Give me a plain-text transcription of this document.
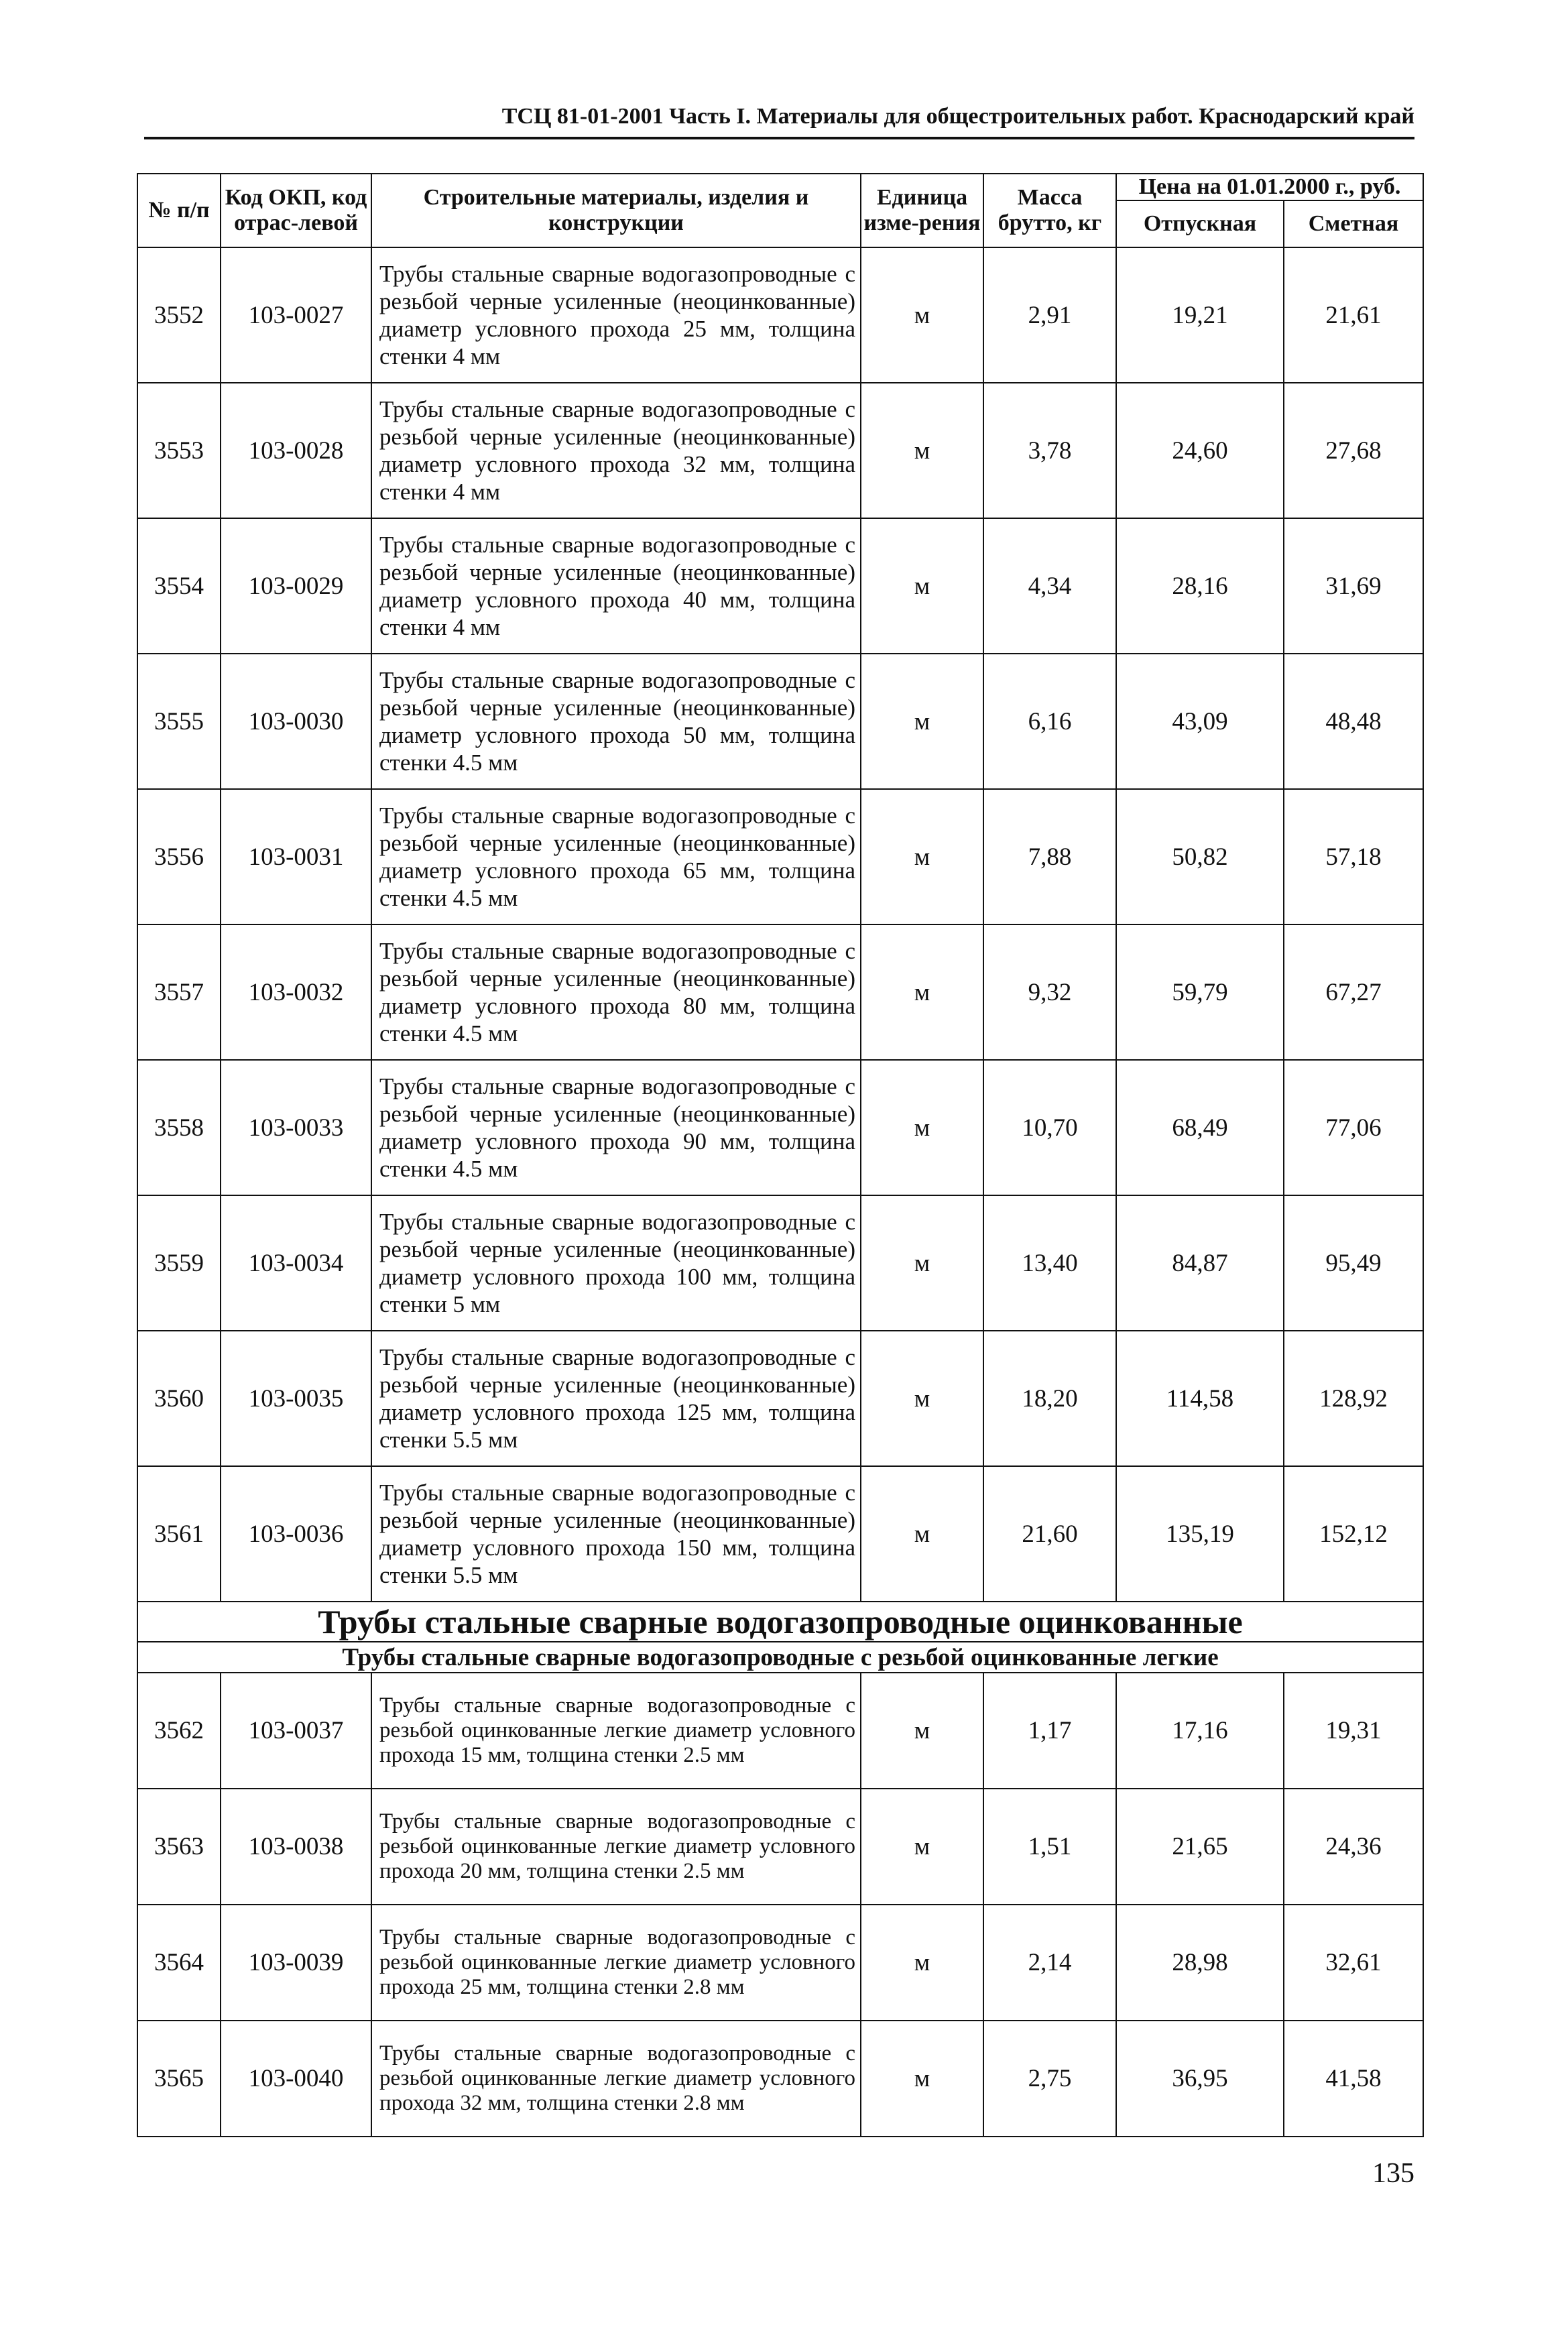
ТСЦ 81-01-2001 Часть I. Материалы для общестроительных работ. Краснодарский край
№ п/п	Код ОКП, код отрас-левой	Строительные материалы, изделия и конструкции	Единица изме-рения	Масса брутто, кг	Цена на 01.01.2000 г., руб.	
					Отпускная	Сметная
3552	103-0027	Трубы стальные сварные водогазопроводные с резьбой черные усиленные (неоцинкованные) диаметр условного прохода 25 мм, толщина стенки 4 мм	м	2,91	19,21	21,61
3553	103-0028	Трубы стальные сварные водогазопроводные с резьбой черные усиленные (неоцинкованные) диаметр условного прохода 32 мм, толщина стенки 4 мм	м	3,78	24,60	27,68
3554	103-0029	Трубы стальные сварные водогазопроводные с резьбой черные усиленные (неоцинкованные) диаметр условного прохода 40 мм, толщина стенки 4 мм	м	4,34	28,16	31,69
3555	103-0030	Трубы стальные сварные водогазопроводные с резьбой черные усиленные (неоцинкованные) диаметр условного прохода 50 мм, толщина стенки 4.5 мм	м	6,16	43,09	48,48
3556	103-0031	Трубы стальные сварные водогазопроводные с резьбой черные усиленные (неоцинкованные) диаметр условного прохода 65 мм, толщина стенки 4.5 мм	м	7,88	50,82	57,18
3557	103-0032	Трубы стальные сварные водогазопроводные с резьбой черные усиленные (неоцинкованные) диаметр условного прохода 80 мм, толщина стенки 4.5 мм	м	9,32	59,79	67,27
3558	103-0033	Трубы стальные сварные водогазопроводные с резьбой черные усиленные (неоцинкованные) диаметр условного прохода 90 мм, толщина стенки 4.5 мм	м	10,70	68,49	77,06
3559	103-0034	Трубы стальные сварные водогазопроводные с резьбой черные усиленные (неоцинкованные) диаметр условного прохода 100 мм, толщина стенки 5 мм	м	13,40	84,87	95,49
3560	103-0035	Трубы стальные сварные водогазопроводные с резьбой черные усиленные (неоцинкованные) диаметр условного прохода 125 мм, толщина стенки 5.5 мм	м	18,20	114,58	128,92
3561	103-0036	Трубы стальные сварные водогазопроводные с резьбой черные усиленные (неоцинкованные) диаметр условного прохода 150 мм, толщина стенки 5.5 мм	м	21,60	135,19	152,12
Трубы стальные сварные водогазопроводные оцинкованные						
Трубы стальные сварные водогазопроводные с резьбой оцинкованные легкие						
3562	103-0037	Трубы стальные сварные водогазопроводные с резьбой оцинкованные легкие диаметр условного прохода 15 мм, толщина стенки 2.5 мм	м	1,17	17,16	19,31
3563	103-0038	Трубы стальные сварные водогазопроводные с резьбой оцинкованные легкие диаметр условного прохода 20 мм, толщина стенки 2.5 мм	м	1,51	21,65	24,36
3564	103-0039	Трубы стальные сварные водогазопроводные с резьбой оцинкованные легкие диаметр условного прохода 25 мм, толщина стенки 2.8 мм	м	2,14	28,98	32,61
3565	103-0040	Трубы стальные сварные водогазопроводные с резьбой оцинкованные легкие диаметр условного прохода 32 мм, толщина стенки 2.8 мм	м	2,75	36,95	41,58
135
